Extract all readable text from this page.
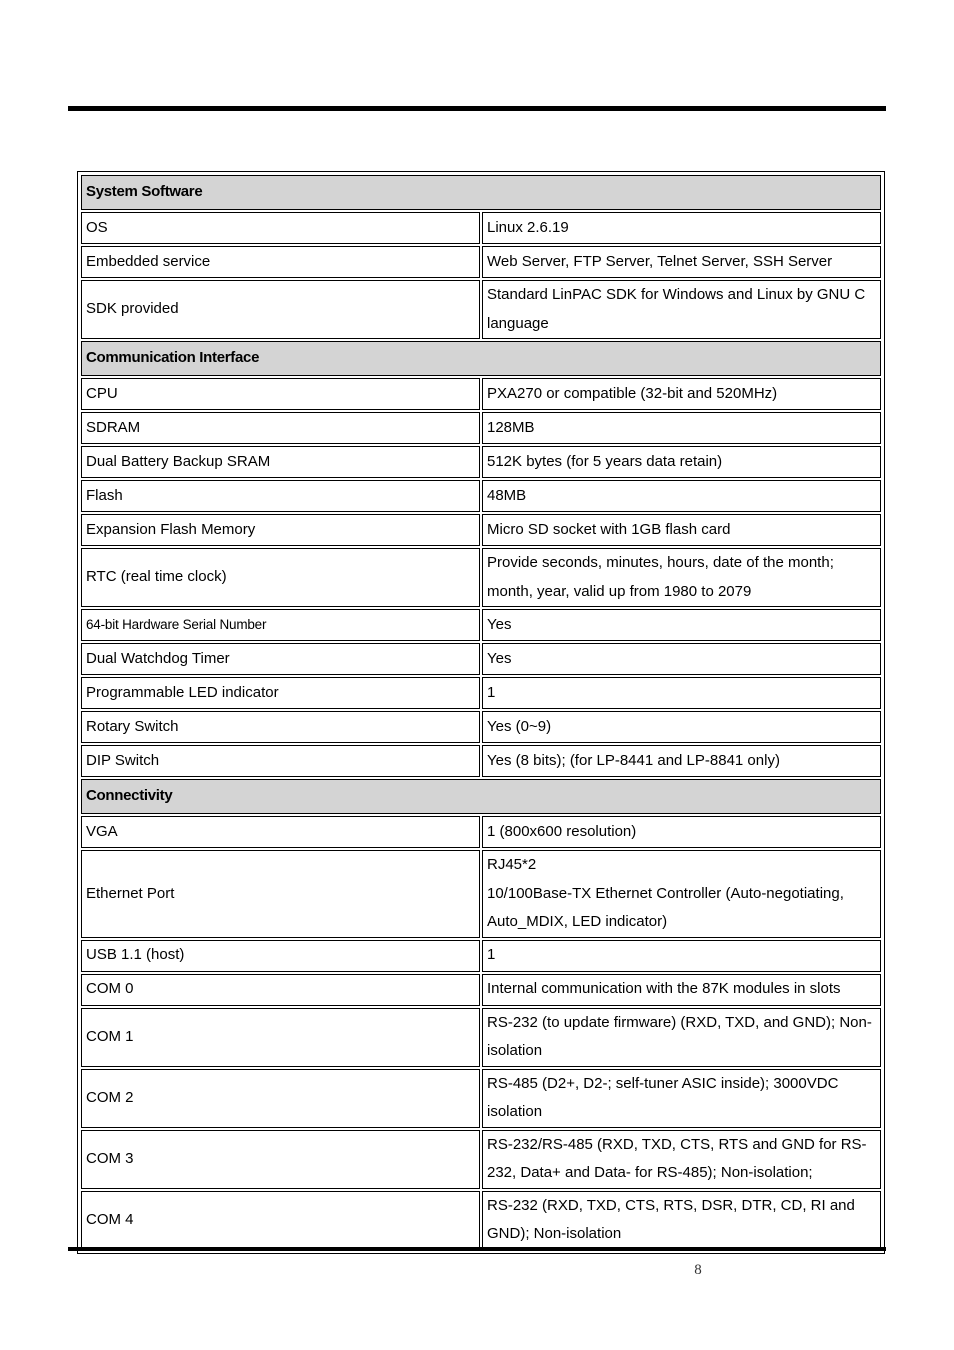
System Software	
OS	Linux 2.6.19

Embedded service	Web Server, FTP Server, Telnet Server, SSH Server

SDK provided	Standard LinPAC SDK for Windows and Linux by GNU C language

Communication Interface	
CPU	PXA270 or compatible (32-bit and 520MHz)

SDRAM	128MB

Dual Battery Backup SRAM	512K bytes (for 5 years data retain)

Flash	48MB

Expansion Flash Memory	Micro SD socket with 1GB flash card

RTC (real time clock)	Provide seconds, minutes, hours, date of the month; month, year, valid up from 1980 to 2079

64-bit Hardware Serial Number	Yes

Dual Watchdog Timer	Yes

Programmable LED indicator	1

Rotary Switch	Yes (0~9)

DIP Switch	Yes (8 bits); (for LP-8441 and LP-8841 only)

Connectivity	
VGA	1 (800x600 resolution)

Ethernet Port	RJ45*2
10/100Base-TX Ethernet Controller (Auto-negotiating, Auto_MDIX, LED indicator)

USB 1.1 (host)	1

COM 0	Internal communication with the 87K modules in slots

COM 1	RS-232 (to update firmware) (RXD, TXD, and GND); Non-isolation

COM 2	RS-485 (D2+, D2-; self-tuner ASIC inside); 3000VDC isolation

COM 3	RS-232/RS-485 (RXD, TXD, CTS, RTS and GND for RS-232, Data+ and Data- for RS-485); Non-isolation;

COM 4	RS-232 (RXD, TXD, CTS, RTS, DSR, DTR, CD, RI and GND); Non-isolation
8
